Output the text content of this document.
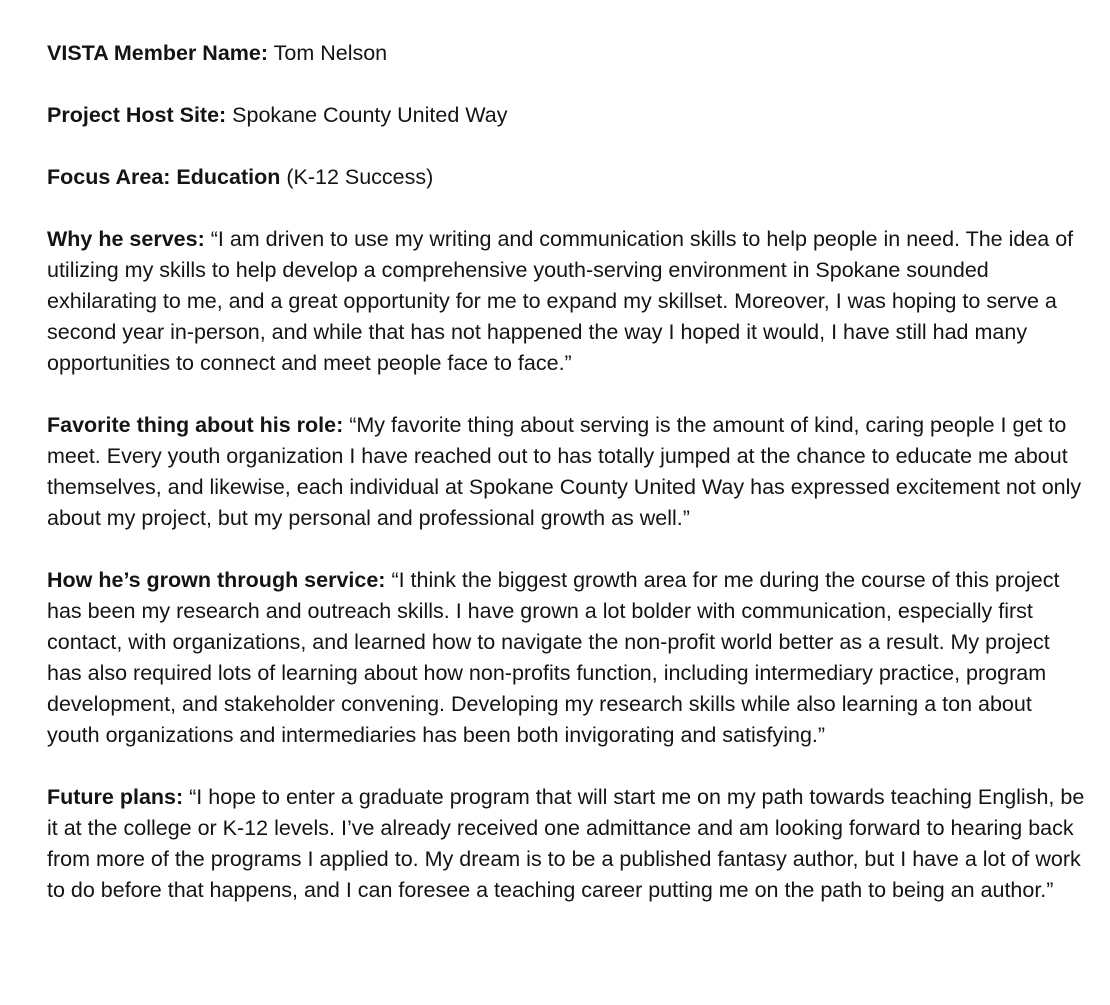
VISTA Member Name: Tom Nelson

Project Host Site: Spokane County United Way

Focus Area: Education (K-12 Success)

Why he serves: “I am driven to use my writing and communication skills to help people in need. The idea of utilizing my skills to help develop a comprehensive youth-serving environment in Spokane sounded exhilarating to me, and a great opportunity for me to expand my skillset. Moreover, I was hoping to serve a second year in-person, and while that has not happened the way I hoped it would, I have still had many opportunities to connect and meet people face to face.”

Favorite thing about his role: “My favorite thing about serving is the amount of kind, caring people I get to meet. Every youth organization I have reached out to has totally jumped at the chance to educate me about themselves, and likewise, each individual at Spokane County United Way has expressed excitement not only about my project, but my personal and professional growth as well.”

How he’s grown through service: “I think the biggest growth area for me during the course of this project has been my research and outreach skills. I have grown a lot bolder with communication, especially first contact, with organizations, and learned how to navigate the non-profit world better as a result. My project has also required lots of learning about how non-profits function, including intermediary practice, program development, and stakeholder convening. Developing my research skills while also learning a ton about youth organizations and intermediaries has been both invigorating and satisfying.”

Future plans: “I hope to enter a graduate program that will start me on my path towards teaching English, be it at the college or K-12 levels. I’ve already received one admittance and am looking forward to hearing back from more of the programs I applied to. My dream is to be a published fantasy author, but I have a lot of work to do before that happens, and I can foresee a teaching career putting me on the path to being an author.”
